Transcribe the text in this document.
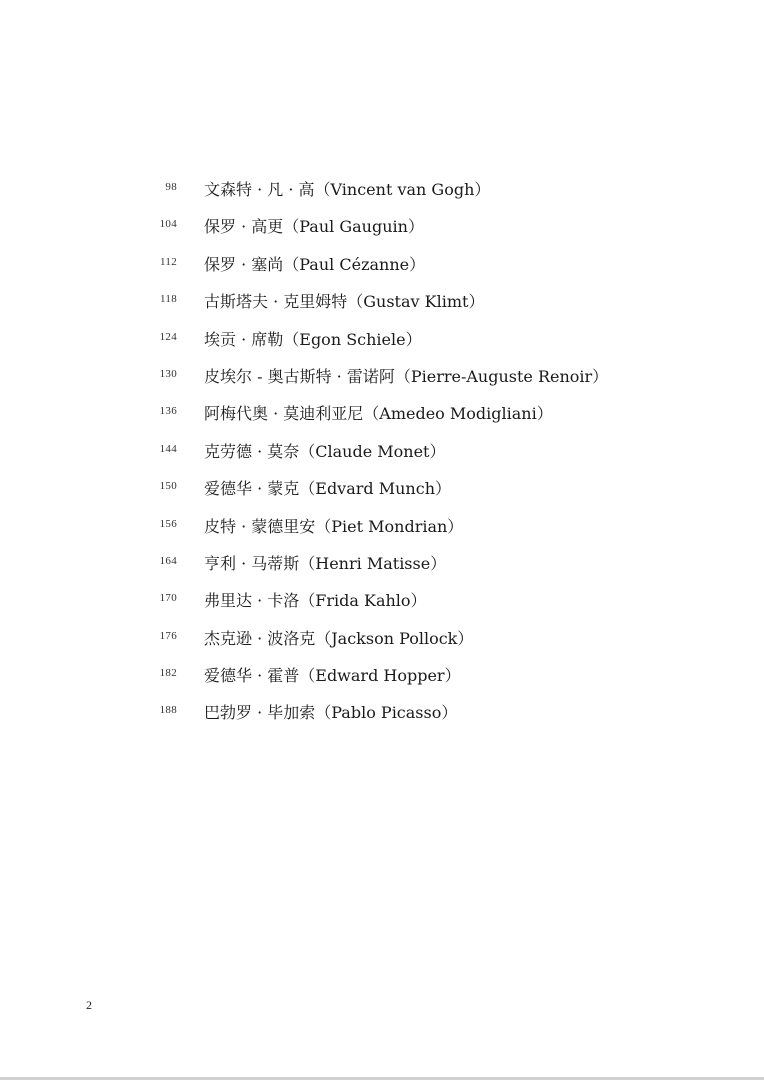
98 文森特 · 凡 · 高（Vincent van Gogh）
104 保罗 · 高更（Paul Gauguin）
112 保罗 · 塞尚（Paul Cézanne）
118 古斯塔夫 · 克里姆特（Gustav Klimt）
124 埃贡 · 席勒（Egon Schiele）
130 皮埃尔 - 奥古斯特 · 雷诺阿（Pierre-Auguste Renoir）
136 阿梅代奥 · 莫迪利亚尼（Amedeo Modigliani）
144 克劳德 · 莫奈（Claude Monet）
150 爱德华 · 蒙克（Edvard Munch）
156 皮特 · 蒙德里安（Piet Mondrian）
164 亨利 · 马蒂斯（Henri Matisse）
170 弗里达 · 卡洛（Frida Kahlo）
176 杰克逊 · 波洛克（Jackson Pollock）
182 爱德华 · 霍普（Edward Hopper）
188 巴勃罗 · 毕加索（Pablo Picasso）
2
